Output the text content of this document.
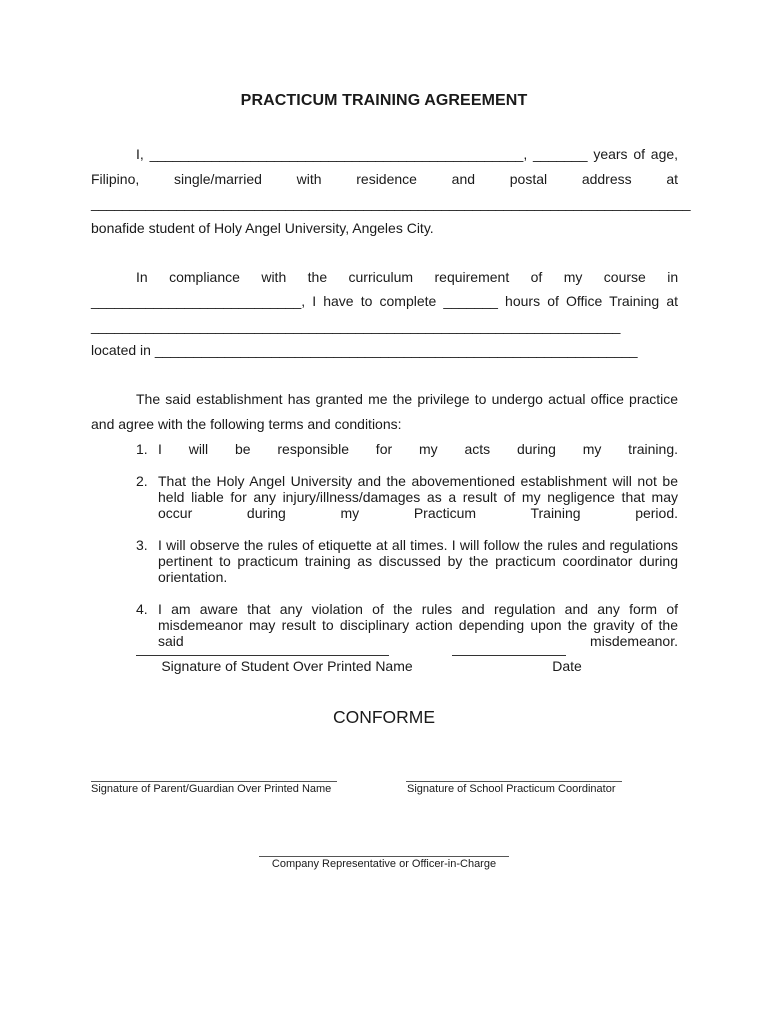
PRACTICUM TRAINING AGREEMENT
I, ________________________________________________, _______ years of age,
Filipino, single/married with residence and postal address at
_____________________________________________________________________________
bonafide student of Holy Angel University, Angeles City.
In compliance with the curriculum requirement of my course in
___________________________, I have to complete _______ hours of Office Training at
____________________________________________________________________
located in ______________________________________________________________
The said establishment has granted me the privilege to undergo actual office practice
and agree with the following terms and conditions:
1. I will be responsible for my acts during my training.
2. That the Holy Angel University and the abovementioned establishment will not be held liable for any injury/illness/damages as a result of my negligence that may occur during my Practicum Training period.
3. I will observe the rules of etiquette at all times. I will follow the rules and regulations pertinent to practicum training as discussed by the practicum coordinator during orientation.
4. I am aware that any violation of the rules and regulation and any form of misdemeanor may result to disciplinary action depending upon the gravity of the said misdemeanor.
Signature of Student Over Printed Name	Date
CONFORME
Signature of Parent/Guardian Over Printed Name	Signature of School Practicum Coordinator
Company Representative or Officer-in-Charge
